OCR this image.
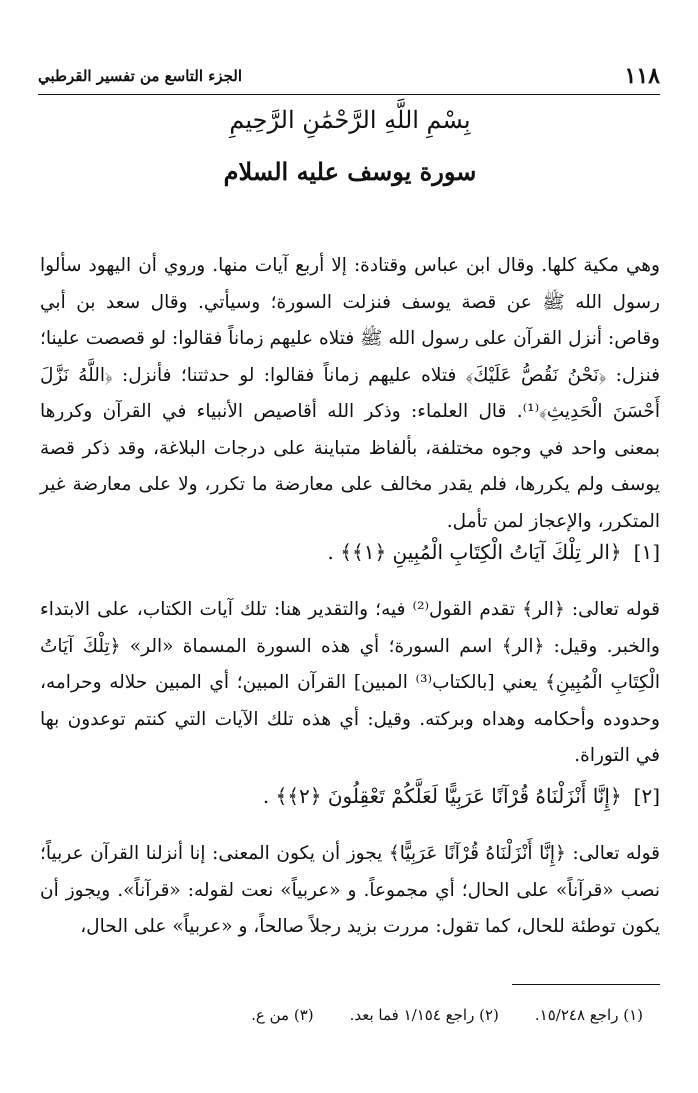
١١٨
الجزء التاسع من تفسير القرطبي
بِسْمِ اللَّهِ الرَّحْمَٰنِ الرَّحِيمِ
سورة يوسف عليه السلام

وهي مكية كلها. وقال ابن عباس وقتادة: إلا أربع آيات منها. وروي أن اليهود سألوا رسول الله ﷺ عن قصة يوسف فنزلت السورة؛ وسيأتي. وقال سعد بن أبي وقاص: أنزل القرآن على رسول الله ﷺ فتلاه عليهم زماناً فقالوا: لو قصصت علينا؛ فنزل: ﴿نَحْنُ نَقُصُّ عَلَيْكَ﴾ فتلاه عليهم زماناً فقالوا: لو حدثتنا؛ فأنزل: ﴿اللَّهُ نَزَّلَ أَحْسَنَ الْحَدِيثِ﴾⁽¹⁾. قال العلماء: وذكر الله أقاصيص الأنبياء في القرآن وكررها بمعنى واحد في وجوه مختلفة، بألفاظ متباينة على درجات البلاغة، وقد ذكر قصة يوسف ولم يكررها، فلم يقدر مخالف على معارضة ما تكرر، ولا على معارضة غير المتكرر، والإعجاز لمن تأمل.

[١]﴿الر تِلْكَ آيَاتُ الْكِتَابِ الْمُبِينِ ﴿١﴾﴾ .

قوله تعالى: ﴿الر﴾ تقدم القول⁽²⁾ فيه؛ والتقدير هنا: تلك آيات الكتاب، على الابتداء والخبر. وقيل: ﴿الر﴾ اسم السورة؛ أي هذه السورة المسماة «الر» ﴿تِلْكَ آيَاتُ الْكِتَابِ الْمُبِينِ﴾ يعني [بالكتاب⁽³⁾ المبين] القرآن المبين؛ أي المبين حلاله وحرامه، وحدوده وأحكامه وهداه وبركته. وقيل: أي هذه تلك الآيات التي كنتم توعدون بها في التوراة.

[٢]﴿إِنَّا أَنْزَلْنَاهُ قُرْآنًا عَرَبِيًّا لَعَلَّكُمْ تَعْقِلُونَ ﴿٢﴾﴾ .

قوله تعالى: ﴿إِنَّا أَنْزَلْنَاهُ قُرْآنًا عَرَبِيًّا﴾ يجوز أن يكون المعنى: إنا أنزلنا القرآن عربياً؛ نصب «قرآناً» على الحال؛ أي مجموعاً. و «عربياً» نعت لقوله: «قرآناً». ويجوز أن يكون توطئة للحال، كما تقول: مررت بزيد رجلاً صالحاً، و «عربياً» على الحال،

(١) راجع ١٥/٢٤٨.
(٢) راجع ١/١٥٤ فما بعد.
(٣) من ع.
